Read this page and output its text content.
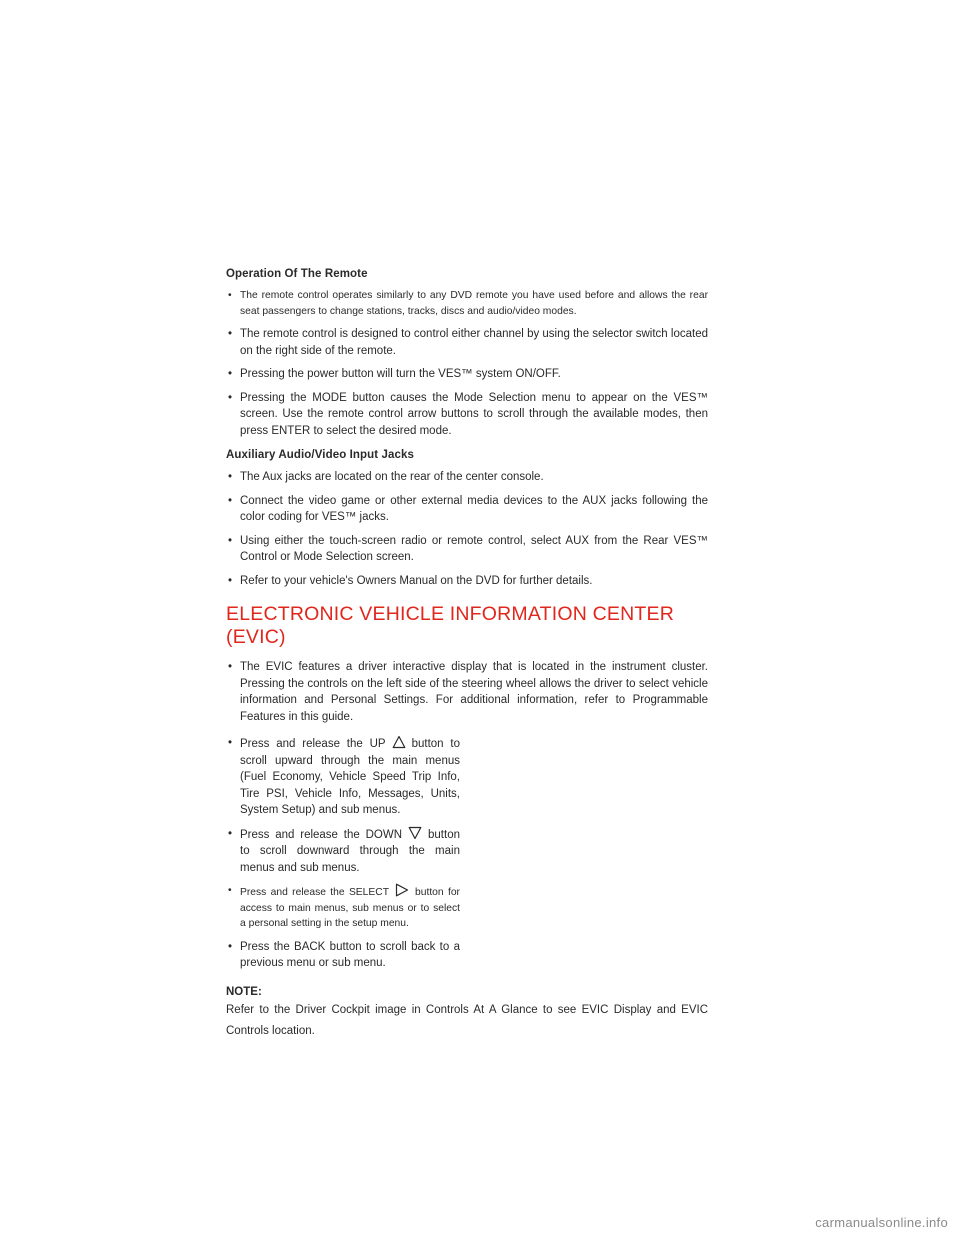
Operation Of The Remote
• The remote control operates similarly to any DVD remote you have used before and allows the rear seat passengers to change stations, tracks, discs and audio/video modes.
• The remote control is designed to control either channel by using the selector switch located on the right side of the remote.
• Pressing the power button will turn the VES™ system ON/OFF.
• Pressing the MODE button causes the Mode Selection menu to appear on the VES™ screen. Use the remote control arrow buttons to scroll through the available modes, then press ENTER to select the desired mode.
Auxiliary Audio/Video Input Jacks
• The Aux jacks are located on the rear of the center console.
• Connect the video game or other external media devices to the AUX jacks following the color coding for VES™ jacks.
• Using either the touch-screen radio or remote control, select AUX from the Rear VES™ Control or Mode Selection screen.
• Refer to your vehicle's Owners Manual on the DVD for further details.
ELECTRONIC VEHICLE INFORMATION CENTER (EVIC)
• The EVIC features a driver interactive display that is located in the instrument cluster. Pressing the controls on the left side of the steering wheel allows the driver to select vehicle information and Personal Settings. For additional information, refer to Programmable Features in this guide.
• Press and release the UP button to scroll upward through the main menus (Fuel Economy, Vehicle Speed Trip Info, Tire PSI, Vehicle Info, Messages, Units, System Setup) and sub menus.
• Press and release the DOWN button to scroll downward through the main menus and sub menus.
• Press and release the SELECT	button for access to main menus, sub menus or to select a personal setting in the setup menu.
• Press the BACK button to scroll back to a previous menu or sub menu.
NOTE:
Refer to the Driver Cockpit image in Controls At A Glance to see EVIC Display and EVIC Controls location.
carmanualsonline.info
